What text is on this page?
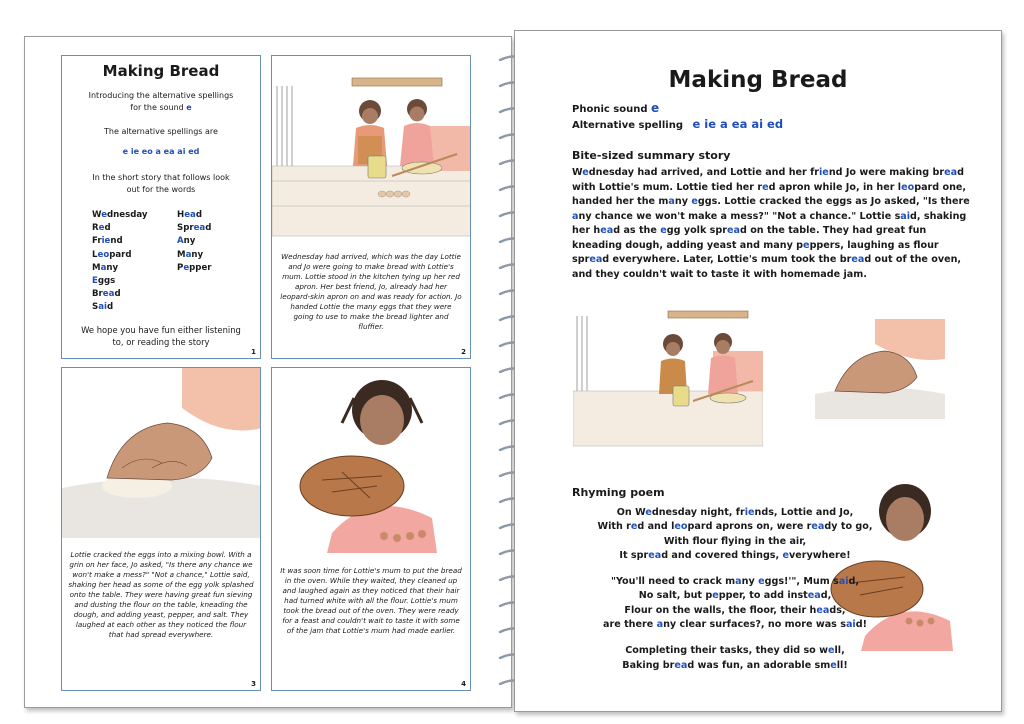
Making Bread
Introducing the alternative spellings
for the sound e
The alternative spellings are
e ie eo a ea ai ed
In the short story that follows look
out for the words
Wednesday
Red
Friend
Leopard
Many
Eggs
Bread
Said
Head
Spread
Any
Many
Pepper
We hope you have fun either listening
to, or reading the story
1
Wednesday had arrived, which was the day Lottie and Jo were going to make bread with Lottie's mum. Lottie stood in the kitchen tying up her red apron. Her best friend, Jo, already had her leopard-skin apron on and was ready for action. Jo handed Lottie the many eggs that they were going to use to make the bread lighter and fluffier.
2
Lottie cracked the eggs into a mixing bowl. With a grin on her face, Jo asked, "Is there any chance we won't make a mess?" "Not a chance," Lottie said, shaking her head as some of the egg yolk splashed onto the table. They were having great fun sieving and dusting the flour on the table, kneading the dough, and adding yeast, pepper, and salt. They laughed at each other as they noticed the flour that had spread everywhere.
3
It was soon time for Lottie's mum to put the bread in the oven. While they waited, they cleaned up and laughed again as they noticed that their hair had turned white with all the flour. Lottie's mum took the bread out of the oven. They were ready for a feast and couldn't wait to taste it with some of the jam that Lottie's mum had made earlier.
4
Making Bread
Phonic sound e
Alternative spelling e ie a ea ai ed
Bite-sized summary story
Wednesday had arrived, and Lottie and her friend Jo were making bread with Lottie's mum. Lottie tied her red apron while Jo, in her leopard one, handed her the many eggs. Lottie cracked the eggs as Jo asked, "Is there any chance we won't make a mess?" "Not a chance." Lottie said, shaking her head as the egg yolk spread on the table. They had great fun kneading dough, adding yeast and many peppers, laughing as flour spread everywhere. Later, Lottie's mum took the bread out of the oven, and they couldn't wait to taste it with homemade jam.
Rhyming poem

On Wednesday night, friends, Lottie and Jo,

With red and leopard aprons on, were ready to go,

With flour flying in the air,

It spread and covered things, everywhere!

"You'll need to crack many eggs!'", Mum said,

No salt, but pepper, to add instead,

Flour on the walls, the floor, their heads,

are there any clear surfaces?, no more was said!

Completing their tasks, they did so well,

Baking bread was fun, an adorable smell!
